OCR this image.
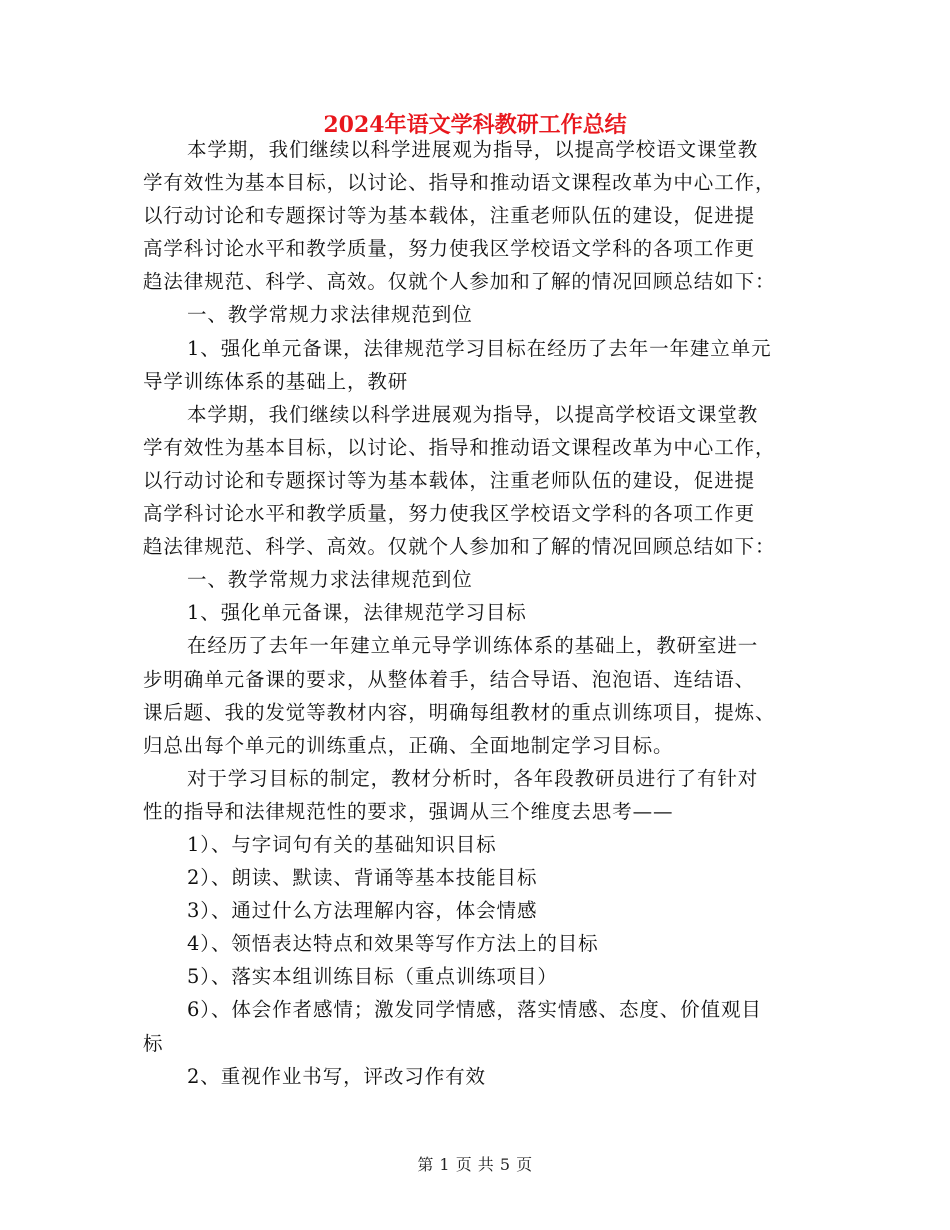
2024年语文学科教研工作总结
本学期，我们继续以科学进展观为指导，以提高学校语文课堂教
学有效性为基本目标，以讨论、指导和推动语文课程改革为中心工作，
以行动讨论和专题探讨等为基本载体，注重老师队伍的建设，促进提
高学科讨论水平和教学质量，努力使我区学校语文学科的各项工作更
趋法律规范、科学、高效。仅就个人参加和了解的情况回顾总结如下：
一、教学常规力求法律规范到位
1、强化单元备课，法律规范学习目标在经历了去年一年建立单元
导学训练体系的基础上，教研
本学期，我们继续以科学进展观为指导，以提高学校语文课堂教
学有效性为基本目标，以讨论、指导和推动语文课程改革为中心工作，
以行动讨论和专题探讨等为基本载体，注重老师队伍的建设，促进提
高学科讨论水平和教学质量，努力使我区学校语文学科的各项工作更
趋法律规范、科学、高效。仅就个人参加和了解的情况回顾总结如下：
一、教学常规力求法律规范到位
1、强化单元备课，法律规范学习目标
在经历了去年一年建立单元导学训练体系的基础上，教研室进一
步明确单元备课的要求，从整体着手，结合导语、泡泡语、连结语、
课后题、我的发觉等教材内容，明确每组教材的重点训练项目，提炼、
归总出每个单元的训练重点，正确、全面地制定学习目标。
对于学习目标的制定，教材分析时，各年段教研员进行了有针对
性的指导和法律规范性的要求，强调从三个维度去思考——
1）、与字词句有关的基础知识目标
2）、朗读、默读、背诵等基本技能目标
3）、通过什么方法理解内容，体会情感
4）、领悟表达特点和效果等写作方法上的目标
5）、落实本组训练目标（重点训练项目）
6）、体会作者感情；激发同学情感，落实情感、态度、价值观目
标
2、重视作业书写，评改习作有效
第 1 页 共 5 页
